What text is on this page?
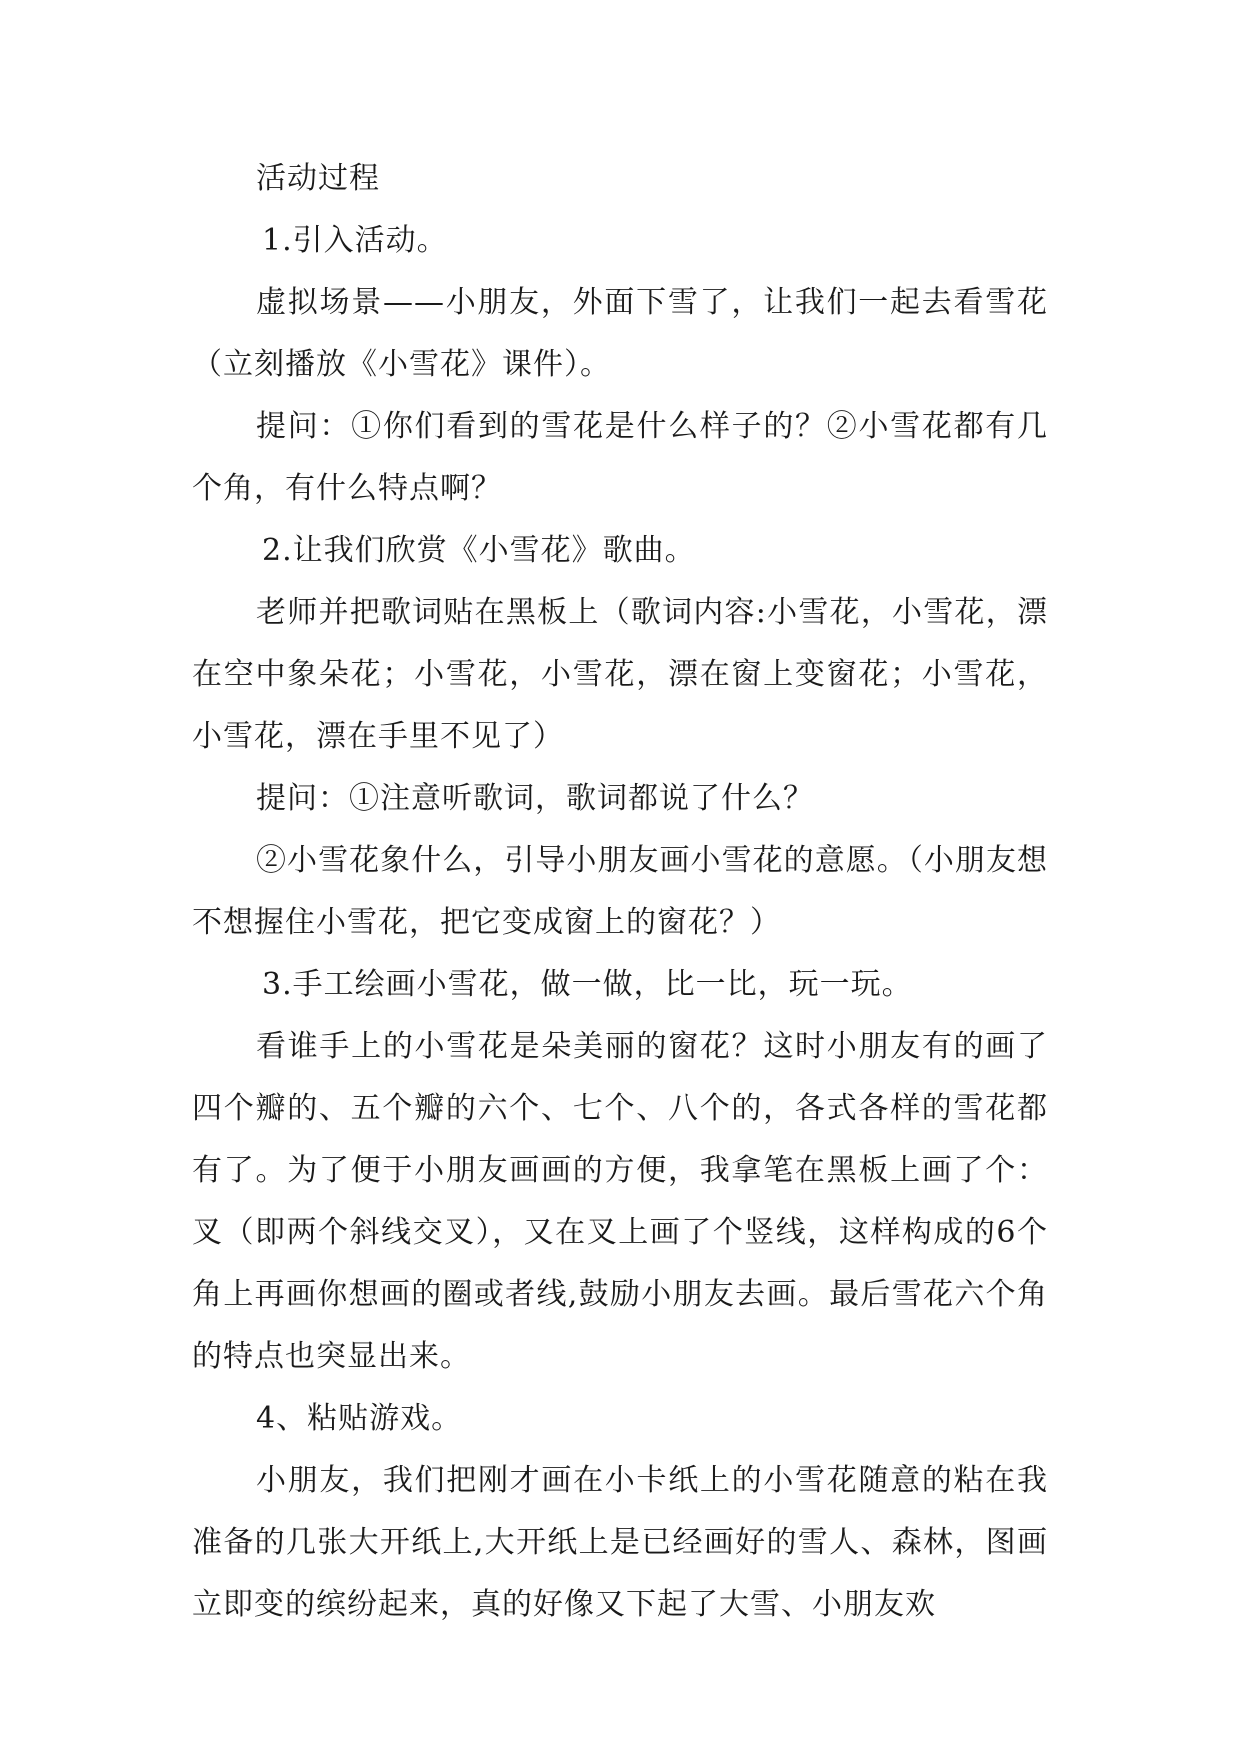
活动过程

1.引入活动。

虚拟场景——小朋友，外面下雪了，让我们一起去看雪花（立刻播放《小雪花》课件）。

提问：①你们看到的雪花是什么样子的？②小雪花都有几个角，有什么特点啊？

2.让我们欣赏《小雪花》歌曲。

老师并把歌词贴在黑板上（歌词内容:小雪花，小雪花，漂在空中象朵花；小雪花，小雪花，漂在窗上变窗花；小雪花，小雪花，漂在手里不见了）

提问：①注意听歌词，歌词都说了什么？

②小雪花象什么，引导小朋友画小雪花的意愿。（小朋友想不想握住小雪花，把它变成窗上的窗花？）

3.手工绘画小雪花，做一做，比一比，玩一玩。

看谁手上的小雪花是朵美丽的窗花？这时小朋友有的画了四个瓣的、五个瓣的六个、七个、八个的，各式各样的雪花都有了。为了便于小朋友画画的方便，我拿笔在黑板上画了个：叉（即两个斜线交叉），又在叉上画了个竖线，这样构成的6个角上再画你想画的圈或者线,鼓励小朋友去画。最后雪花六个角的特点也突显出来。

4、粘贴游戏。

小朋友，我们把刚才画在小卡纸上的小雪花随意的粘在我准备的几张大开纸上,大开纸上是已经画好的雪人、森林，图画立即变的缤纷起来，真的好像又下起了大雪、小朋友欢
